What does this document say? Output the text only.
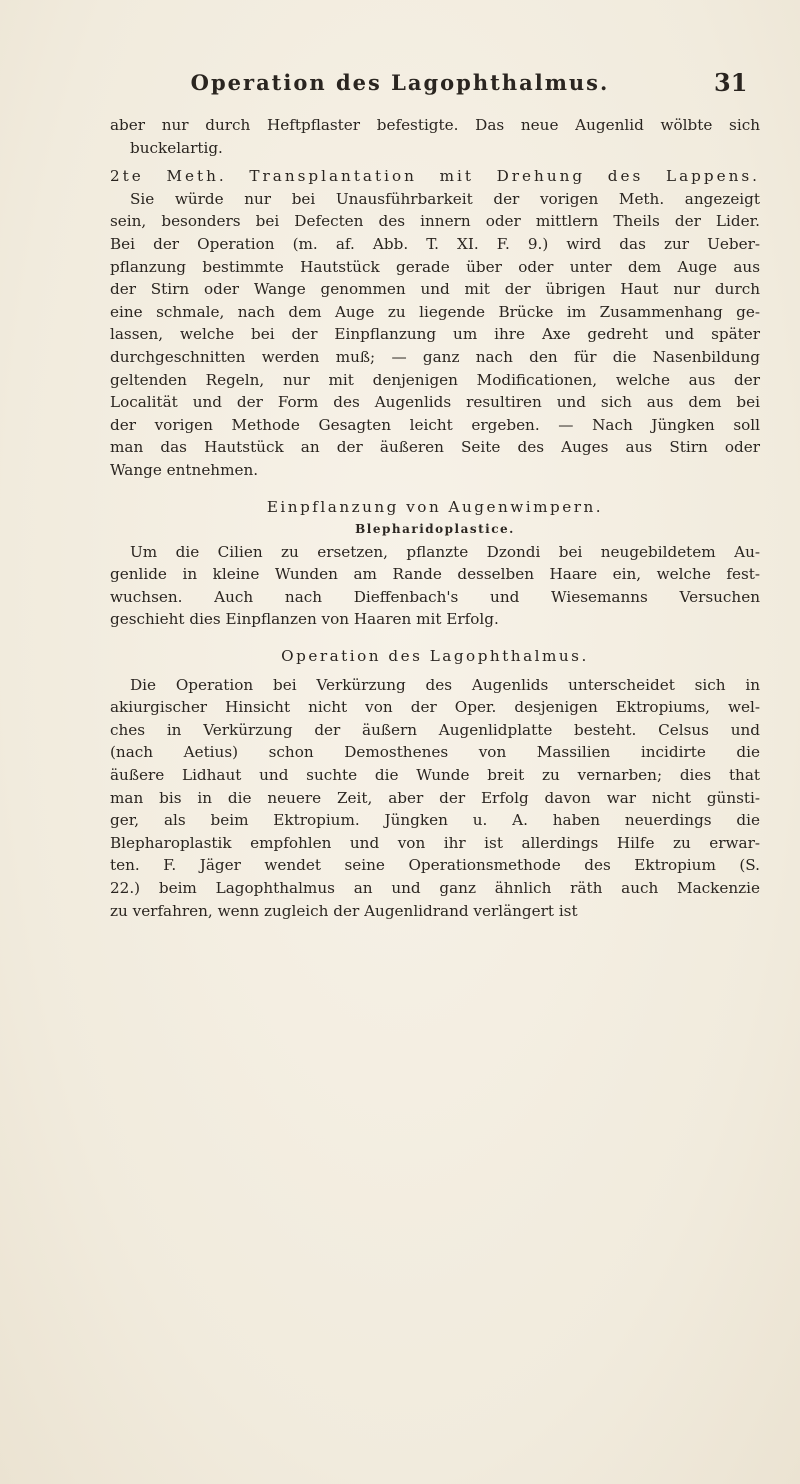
Operation des Lagophthalmus.	31
aber nur durch Heftpflaster befestigte. Das neue Augenlid wölbte sich
buckelartig.
2te Meth. Transplantation mit Drehung des Lappens.
Sie würde nur bei Unausführbarkeit der vorigen Meth. angezeigt
sein, besonders bei Defecten des innern oder mittlern Theils der Lider.
Bei der Operation (m. af. Abb. T. XI. F. 9.) wird das zur Ueber-
pflanzung bestimmte Hautstück gerade über oder unter dem Auge aus
der Stirn oder Wange genommen und mit der übrigen Haut nur durch
eine schmale, nach dem Auge zu liegende Brücke im Zusammenhang ge-
lassen, welche bei der Einpflanzung um ihre Axe gedreht und später
durchgeschnitten werden muß; — ganz nach den für die Nasenbildung
geltenden Regeln, nur mit denjenigen Modificationen, welche aus der
Localität und der Form des Augenlids resultiren und sich aus dem bei
der vorigen Methode Gesagten leicht ergeben. — Nach Jüngken soll
man das Hautstück an der äußeren Seite des Auges aus Stirn oder
Wange entnehmen.
Einpflanzung von Augenwimpern.
Blepharidoplastice.
Um die Cilien zu ersetzen, pflanzte Dzondi bei neugebildetem Au-
genlide in kleine Wunden am Rande desselben Haare ein, welche fest-
wuchsen. Auch nach Dieffenbach's und Wiesemanns Versuchen
geschieht dies Einpflanzen von Haaren mit Erfolg.
Operation des Lagophthalmus.
Die Operation bei Verkürzung des Augenlids unterscheidet sich in
akiurgischer Hinsicht nicht von der Oper. desjenigen Ektropiums, wel-
ches in Verkürzung der äußern Augenlidplatte besteht. Celsus und
(nach Aetius) schon Demosthenes von Massilien incidirte die
äußere Lidhaut und suchte die Wunde breit zu vernarben; dies that
man bis in die neuere Zeit, aber der Erfolg davon war nicht günsti-
ger, als beim Ektropium. Jüngken u. A. haben neuerdings die
Blepharoplastik empfohlen und von ihr ist allerdings Hilfe zu erwar-
ten. F. Jäger wendet seine Operationsmethode des Ektropium (S.
22.) beim Lagophthalmus an und ganz ähnlich räth auch Mackenzie
zu verfahren, wenn zugleich der Augenlidrand verlängert ist
